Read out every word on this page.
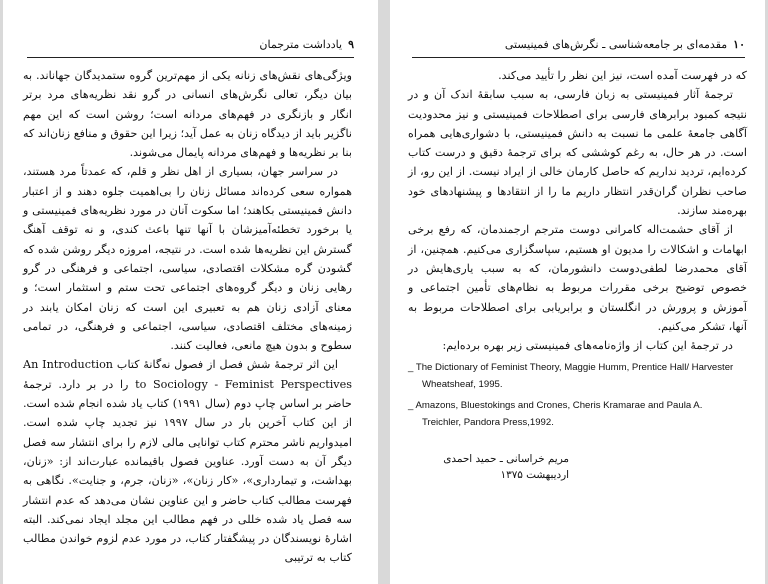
۹
یادداشت مترجمان

ویژگی‌های نقش‌های زنانه یکی از مهم‌ترین گروه ستمدیدگان جهاناند. به بیان دیگر، تعالی نگرش‌های انسانی در گرو نقد نظریه‌های مرد برتر انگار و بازنگری در فهم‌های مردانه است؛ روشن است که این مهم ناگزیر باید از دیدگاه زنان به عمل آید؛ زیرا این حقوق و منافع زنان‌اند که بنا بر نظریه‌ها و فهم‌های مردانه پایمال می‌شوند.

در سراسر جهان، بسیاری از اهل نظر و قلم، که عمدتاً مرد هستند، همواره سعی کرده‌اند مسائل زنان را بی‌اهمیت جلوه دهند و از اعتبار دانش فمینیستی بکاهند؛ اما سکوت آنان در مورد نظریه‌های فمینیستی و یا برخورد تخطئه‌آمیزشان با آنها تنها باعث کندی، و نه توقف آهنگ گسترش این نظریه‌ها شده است. در نتیجه، امروزه دیگر روشن شده که گشودن گره مشکلات اقتصادی، سیاسی، اجتماعی و فرهنگی در گرو رهایی زنان و دیگر گروه‌های اجتماعی تحت ستم و استثمار است؛ و معنای آزادی زنان هم به تعبیری این است که زنان امکان یابند در زمینه‌های مختلف اقتصادی، سیاسی، اجتماعی و فرهنگی، در تمامی سطوح و بدون هیچ مانعی، فعالیت کنند.

این اثر ترجمهٔ شش فصل از فصول نه‌گانهٔ کتاب An Introduction to Sociology - Feminist Perspectives را در بر دارد. ترجمهٔ حاضر بر اساس چاپ دوم (سال ۱۹۹۱) کتاب یاد شده انجام شده است. از این کتاب آخرین بار در سال ۱۹۹۷ نیز تجدید چاپ شده است. امیدواریم ناشر محترم کتاب توانایی مالی لازم را برای انتشار سه فصل دیگر آن به دست آورد. عناوین فصول باقیمانده عبارت‌اند از: «زنان، بهداشت، و تیمارداری»، «کار زنان»، «زنان، جرم، و جنایت». نگاهی به فهرست مطالب کتاب حاضر و این عناوین نشان می‌دهد که عدم انتشار سه فصل یاد شده خللی در فهم مطالب این مجلد ایجاد نمی‌کند. البته اشارهٔ نویسندگان در پیشگفتار کتاب، در مورد عدم لزوم خواندن مطالب کتاب به ترتیبی

۱۰
مقدمه‌ای بر جامعه‌شناسی ـ نگرش‌های فمینیستی

که در فهرست آمده است، نیز این نظر را تأیید می‌کند.

ترجمهٔ آثار فمینیستی به زبان فارسی، به سبب سابقهٔ اندک آن و در نتیجه کمبود برابرهای فارسی برای اصطلاحات فمینیستی و نیز محدودیت آگاهی جامعهٔ علمی ما نسبت به دانش فمینیستی، با دشواری‌هایی همراه است. در هر حال، به رغم کوششی که برای ترجمهٔ دقیق و درست کتاب کرده‌ایم، تردید نداریم که حاصل کارمان خالی از ایراد نیست. از این رو، از صاحب نظران گران‌قدر انتظار داریم ما را از انتقادها و پیشنهادهای خود بهره‌مند سازند.

از آقای حشمت‌اله کامرانی دوست مترجم ارجمندمان، که رفع برخی ابهامات و اشکالات را مدیون او هستیم، سپاسگزاری می‌کنیم. همچنین، از آقای محمدرضا لطفی‌دوست دانشورمان، که به سبب یاری‌هایش در خصوص توضیح برخی مقررات مربوط به نظام‌های تأمین اجتماعی و آموزش و پرورش در انگلستان و برابریابی برای اصطلاحات مربوط به آنها، تشکر می‌کنیم.

در ترجمهٔ این کتاب از واژه‌نامه‌های فمینیستی زیر بهره برده‌ایم:

_ The Dictionary of Feminist Theory, Maggie Humm, Prentice Hall/ Harvester
Wheatsheaf, 1995.
_ Amazons, Bluestokings and Crones, Cheris Kramarae and Paula A.
Treichler, Pandora Press,1992.
مریم خراسانی ـ حمید احمدی
اردیبهشت ۱۳۷۵
